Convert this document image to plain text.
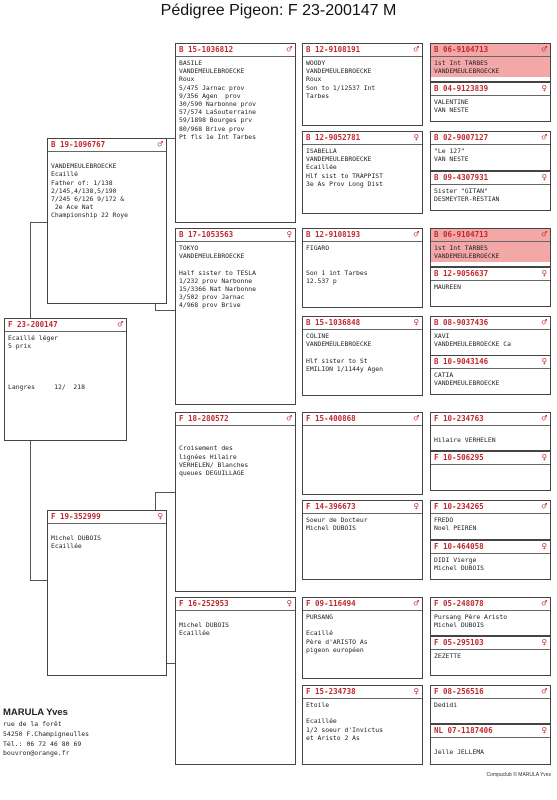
Pédigree Pigeon: F 23-200147 M
F 23-200147	♂
Ecaillé léger
5 prix

Langres     12/  218
B 19-1096767	♂

VANDEMEULEBROECKE
Ecaillé
Father of: 1/138
2/145,4/138,5/190
7/245 6/126 9/172 &
2e Ace Nat
Championship 22 Roye
F 19-352999	♀

Michel DUBOIS
Ecaillée
B 15-1036812	♂
BASILE
VANDEMEULEBROECKE
Roux
5/475 Jarnac prov
9/356 Agen  prov
30/590 Narbonne prov
57/574 LaSouterraine
59/1898 Bourges prv
80/968 Brive prov
Pt fls 1e Int Tarbes
B 17-1053563	♀
TOKYO
VANDEMEULEBROECKE

Half sister to TESLA
1/232 prov Narbonne
15/3366 Nat Narbonne
3/502 prov Jarnac
4/968 prov Brive
F 18-280572	♂

Croisement des
lignées Hilaire
VERHELEN/ Blanches
queues DEGUILLAGE
F 16-252953	♀

Michel DUBOIS
Ecaillée
B 12-9108191	♂
WOODY
VANDEMEULEBROECKE
Roux
Son to 1/12537 Int
Tarbes
B 12-9052781	♀
ISABELLA
VANDEMEULEBROECKE
Ecaillée
Hlf sist to TRAPPIST
3e As Prov Long Dist
B 12-9108193	♂
FIGARO

Son 1 int Tarbes
12.537 p
B 15-1036848	♀
COLINE
VANDEMEULEBROECKE

Hlf sister to St
EMILION 1/1144y Agen
F 15-400868	♂
F 14-396673	♀
Soeur de Docteur
Michel DUBOIS
F 09-116494	♂
PURSANG

Ecaillé
Père d'ARISTO As
pigeon européen
F 15-234738	♀
Etoile

Ecaillée
1/2 soeur d'Invictus
et Aristo 2 As
B 06-9104713	♂
1st Int TARBES
VANDEMEULEBROECKE
B 04-9123839	♀
VALENTINE
VAN NESTE
B 02-9007127	♂
"Le 127"
VAN NESTE
B 09-4307931	♀
Sister "GITAN"
DESMEYTER-RESTIAN
B 06-9104713	♂
1st Int TARBES
VANDEMEULEBROECKE
B 12-9056637	♀
MAUREEN
B 08-9037436	♂
XAVI
VANDEMEULEBROECKE Ca
B 10-9043146	♀
CATIA
VANDEMEULEBROECKE
F 10-234763	♂

Hilaire VERHELEN
F 10-506295	♀
F 10-234265	♂
FREDO
Noel PEIREN
F 10-464058	♀
DIDI Vierge
Michel DUBOIS
F 05-248078	♂
Pursang Père Aristo
Michel DUBOIS
F 05-295103	♀
ZEZETTE
F 08-256516	♂
Dedidi
NL 07-1187406	♀

Jelle JELLEMA
MARULA Yves
rue de la forêt
54250 F.Champigneulles
Tél.: 06 72 46 80 69
bouvron@orange.fr
Compuclub © MARULA Yves
